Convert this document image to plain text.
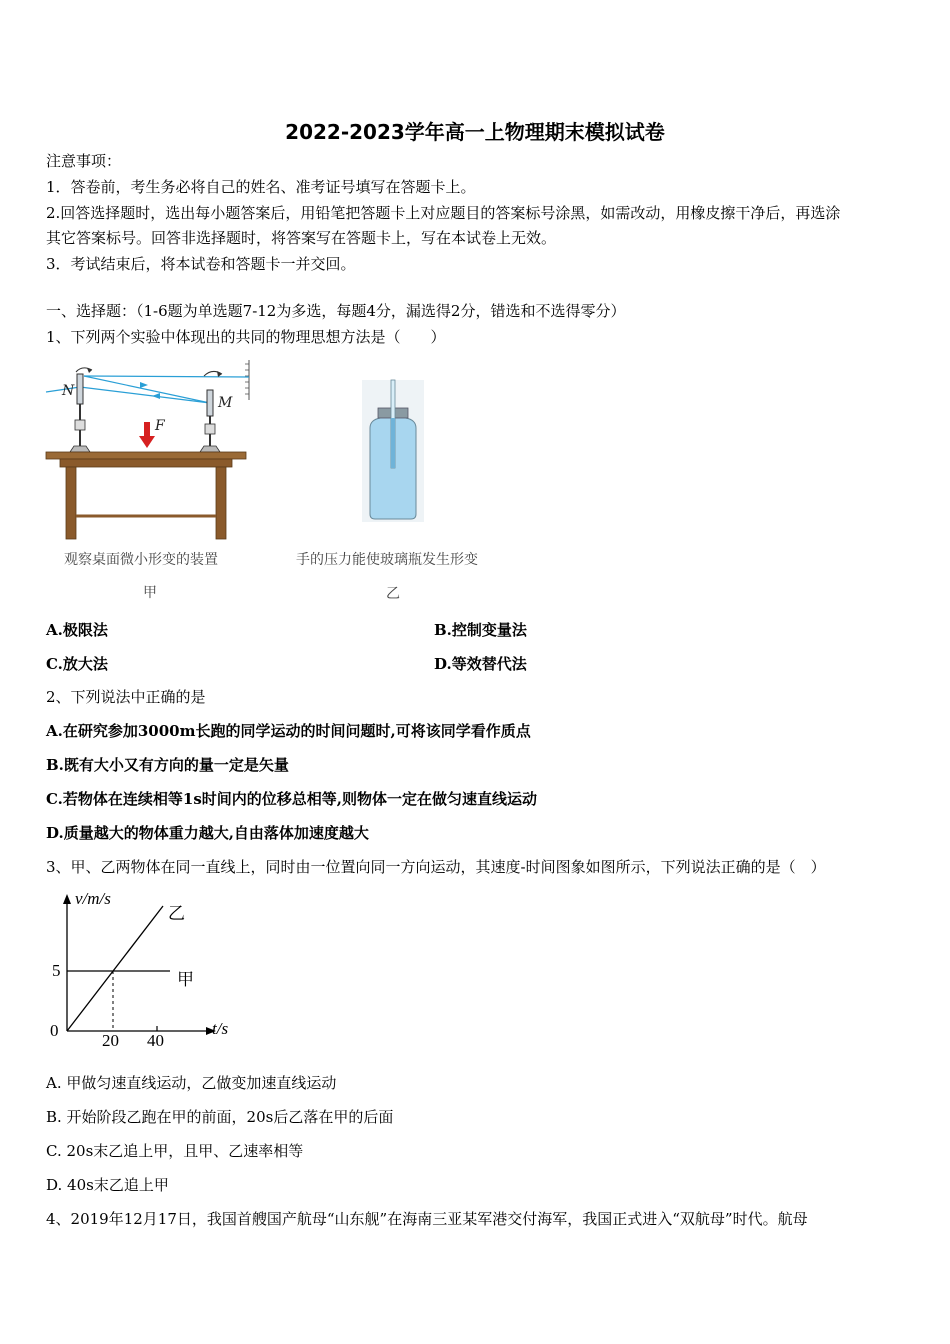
2022-2023学年高一上物理期末模拟试卷
注意事项：
1．答卷前，考生务必将自己的姓名、准考证号填写在答题卡上。
2.回答选择题时，选出每小题答案后，用铅笔把答题卡上对应题目的答案标号涂黑，如需改动，用橡皮擦干净后，再选涂
其它答案标号。回答非选择题时，将答案写在答题卡上，写在本试卷上无效。
3．考试结束后，将本试卷和答题卡一并交回。
一、选择题：（1-6题为单选题7-12为多选，每题4分，漏选得2分，错选和不选得零分）
1、下列两个实验中体现出的共同的物理思想方法是（　　）
N
M
F
观察桌面微小形变的装置	手的压力能使玻璃瓶发生形变
甲	乙
A.极限法	B.控制变量法
C.放大法	D.等效替代法
2、下列说法中正确的是
A.在研究参加3000m长跑的同学运动的时间问题时,可将该同学看作质点
B.既有大小又有方向的量一定是矢量
C.若物体在连续相等1s时间内的位移总相等,则物体一定在做匀速直线运动
D.质量越大的物体重力越大,自由落体加速度越大
3、甲、乙两物体在同一直线上，同时由一位置向同一方向运动，其速度-时间图象如图所示，下列说法正确的是（　）
v/m/s
t/s
0
5
20 40
甲
乙
A. 甲做匀速直线运动，乙做变加速直线运动
B. 开始阶段乙跑在甲的前面，20s后乙落在甲的后面
C. 20s末乙追上甲，且甲、乙速率相等
D. 40s末乙追上甲
4、2019年12月17日，我国首艘国产航母“山东舰”在海南三亚某军港交付海军，我国正式进入“双航母”时代。航母
